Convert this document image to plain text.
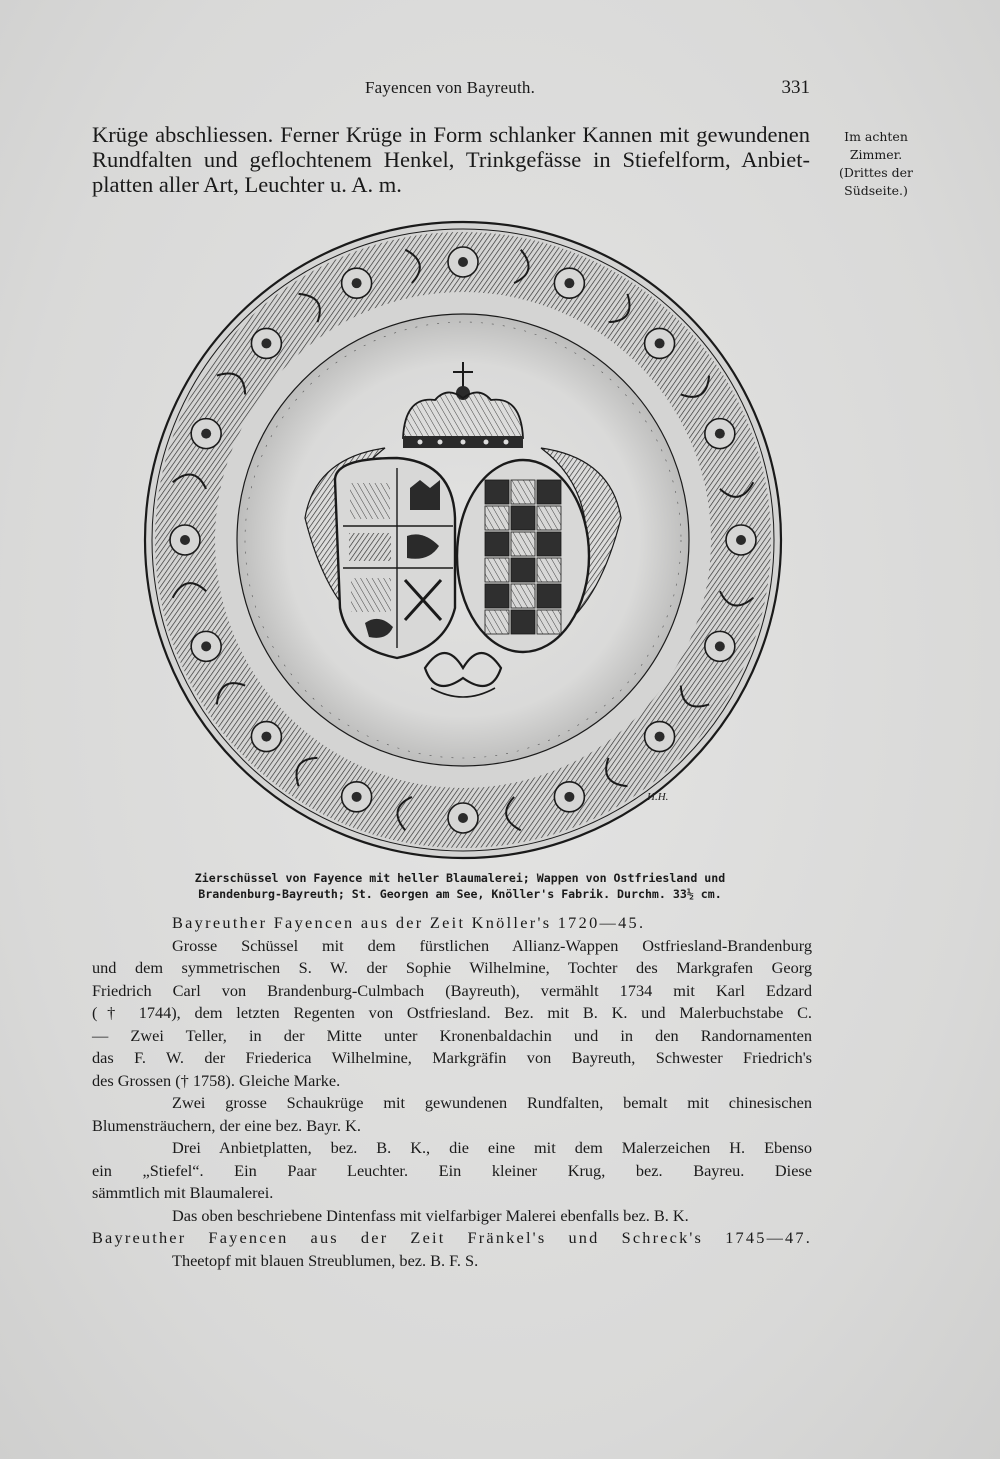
Fayencen von Bayreuth.	331
Krüge abschliessen. Ferner Krüge in Form schlanker Kannen mit gewundenen
Rundfalten und geflochtenem Henkel, Trinkgefässe in Stiefelform, Anbiet-
platten aller Art, Leuchter u. A. m.
Im achten
Zimmer.
(Drittes der
Südseite.)
H.H.
Zierschüssel von Fayence mit heller Blaumalerei; Wappen von Ostfriesland und
Brandenburg-Bayreuth; St. Georgen am See, Knöller's Fabrik. Durchm. 33½ cm.
Bayreuther Fayencen aus der Zeit Knöller's 1720—45.
Grosse Schüssel mit dem fürstlichen Allianz-Wappen Ostfriesland-Brandenburg
und dem symmetrischen S. W. der Sophie Wilhelmine, Tochter des Markgrafen Georg
Friedrich Carl von Brandenburg-Culmbach (Bayreuth), vermählt 1734 mit Karl Edzard
(† 1744), dem letzten Regenten von Ostfriesland. Bez. mit B. K. und Malerbuchstabe C.
— Zwei Teller, in der Mitte unter Kronenbaldachin und in den Randornamenten
das F. W. der Friederica Wilhelmine, Markgräfin von Bayreuth, Schwester Friedrich's
des Grossen († 1758). Gleiche Marke.
Zwei grosse Schaukrüge mit gewundenen Rundfalten, bemalt mit chinesischen
Blumensträuchern, der eine bez. Bayr. K.
Drei Anbietplatten, bez. B. K., die eine mit dem Malerzeichen H. Ebenso
ein „Stiefel“. Ein Paar Leuchter. Ein kleiner Krug, bez. Bayreu. Diese
sämmtlich mit Blaumalerei.
Das oben beschriebene Dintenfass mit vielfarbiger Malerei ebenfalls bez. B. K.
Bayreuther Fayencen aus der Zeit Fränkel's und Schreck's 1745—47.
Theetopf mit blauen Streublumen, bez. B. F. S.
